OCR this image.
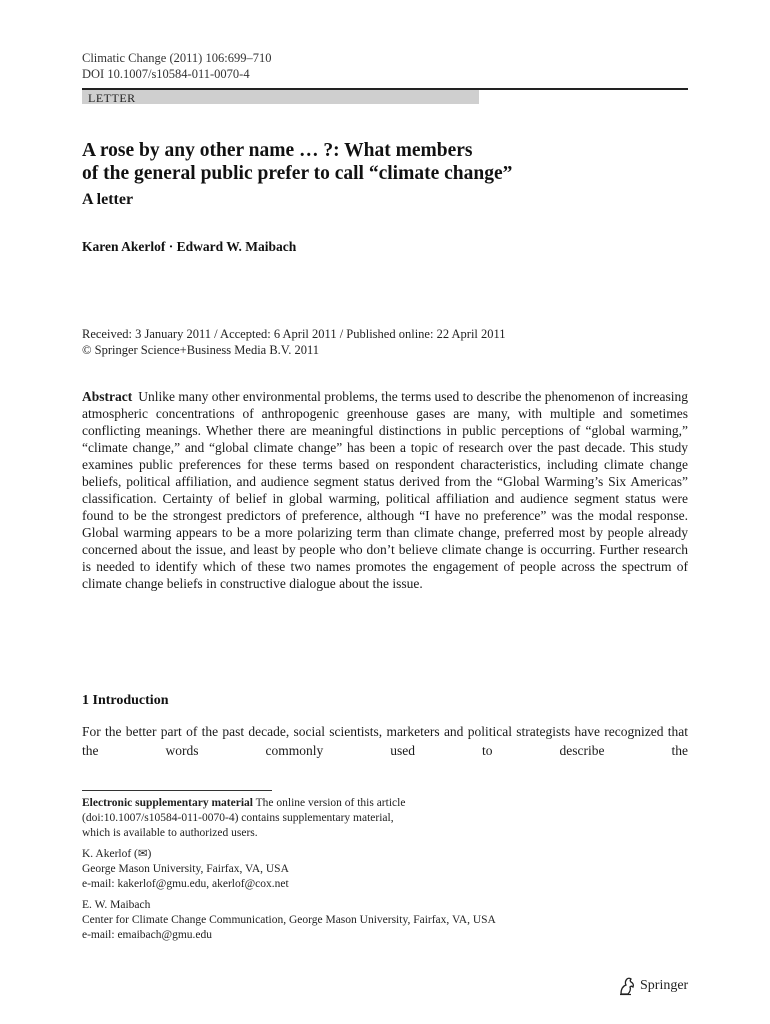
Climatic Change (2011) 106:699–710
DOI 10.1007/s10584-011-0070-4
LETTER
A rose by any other name … ?: What members
of the general public prefer to call “climate change”
A letter
Karen Akerlof · Edward W. Maibach
Received: 3 January 2011 / Accepted: 6 April 2011 / Published online: 22 April 2011
© Springer Science+Business Media B.V. 2011

Abstract Unlike many other environmental problems, the terms used to describe the phenomenon of increasing atmospheric concentrations of anthropogenic greenhouse gases are many, with multiple and sometimes conflicting meanings. Whether there are meaningful distinctions in public perceptions of “global warming,” “climate change,” and “global climate change” has been a topic of research over the past decade. This study examines public preferences for these terms based on respondent characteristics, including climate change beliefs, political affiliation, and audience segment status derived from the “Global Warming’s Six Americas” classification. Certainty of belief in global warming, political affiliation and audience segment status were found to be the strongest predictors of preference, although “I have no preference” was the modal response. Global warming appears to be a more polarizing term than climate change, preferred most by people already concerned about the issue, and least by people who don’t believe climate change is occurring. Further research is needed to identify which of these two names promotes the engagement of people across the spectrum of climate change beliefs in constructive dialogue about the issue.

1 Introduction

For the better part of the past decade, social scientists, marketers and political strategists have recognized that the words commonly used to describe the

Electronic supplementary material The online version of this article
(doi:10.1007/s10584-011-0070-4) contains supplementary material,
which is available to authorized users.
K. Akerlof (✉)
George Mason University, Fairfax, VA, USA
e-mail: kakerlof@gmu.edu, akerlof@cox.net
E. W. Maibach
Center for Climate Change Communication, George Mason University, Fairfax, VA, USA
e-mail: emaibach@gmu.edu
Springer
